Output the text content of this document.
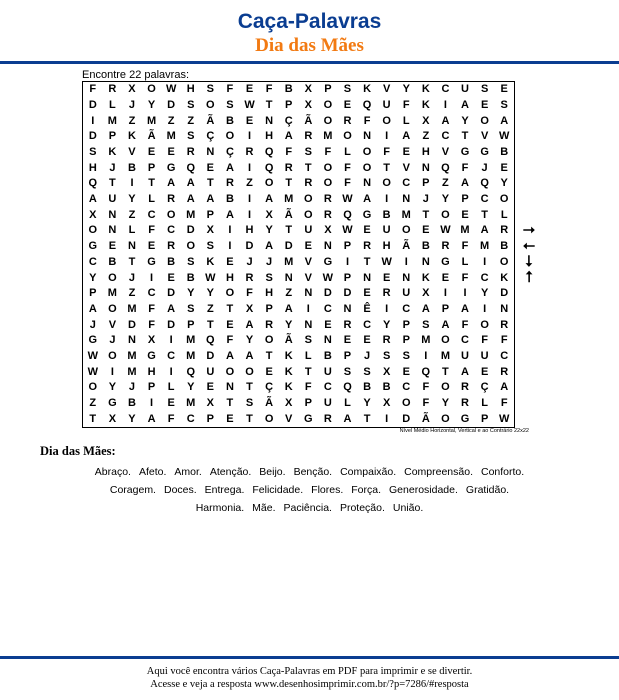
Caça-Palavras
Dia das Mães
Encontre 22 palavras:
F	R	X	O W H	S	F	E	F	B	X	P	S	K	V	Y	K	C	U	S	E
D	L	J	Y	D	S	O	S W	T	P	X	O	E	Q	U	F	K	I	A	E	S
I	M	Z	M	Z	Z	Ã	B	E	N	Ç	Ã	O	R	F	O	L	X	A	Y	O	A
D	P	K	Ã	M	S	Ç	O	I	H	A	R	M O	N	I	A	Z	C	T	V W
S	K	V	E	E	R	N	Ç	R	Q	F	S	F	L	O	F	E	H	V	G	G	B
H	J	B	P	G	Q	E	A	I	Q	R	T	O	F	O	T	V	N	Q	F	J	E
Q	T	I	T	A	A	T	R	Z	O	T	R	O	F	N	O	C	P	Z	A	Q	Y
A	U	Y	L	R	A	A	B	I	A	M O	R W A	I	N	J	Y	P	C	O
X	N	Z	C	O M	P	A	I	X	Ã	O	R	Q	G	B	M	T	O	E	T	L
O	N	L	F	C	D	X	I	H	Y	T	U	X W E	U	O	E W M	A	R
G	E	N	E	R	O	S	I	D	A	D	E	N	P	R	H	Ã	B	R	F	M	B
C	B	T	G	B	S	K	E	J	J	M	V	G	I	T	W	I	N	G	L	I	O
Y	O	J	I	E	B W H	R	S	N	V W P	N	E	N	K	E	F	C	K
P	M	Z	C	D	Y	Y	O	F	H	Z	N	D	D	E	R	U	X	I	I	Y	D
A	O M	F	A	S	Z	T	X	P	A	I	C	N	Ê	I	C	A	P	A	I	N
J	V	D	F	D	P	T	E	A	R	Y	N	E	R	C	Y	P	S	A	F	O	R
G	J	N	X	I	M Q	F	Y	O	Ã	S	N	E	E	R	P	M O	C	F	F
W O M G	C	M	D	A	A	T	K	L	B	P	J	S	S	I	M	U	U	C
W	I	M	H	I	Q	U	O	O	E	K	T	U	S	S	X	E	Q	T	A	E	R
O	Y	J	P	L	Y	E	N	T	Ç	K	F	C	Q	B	B	C	F	O	R	Ç	A
Z	G	B	I	E	M	X	T	S	Ã	X	P	U	L	Y	X	O	F	Y	R	L	F
T	X	Y	A	F	C	P	E	T	O	V	G	R	A	T	I	D	Ã	O	G	P W
Nível Médio Horizontal, Vertical e ao Contrário 22x22
⭢
⭠
⭣
⭡
Dia das Mães:
Abraço. Afeto. Amor. Atenção. Beijo. Benção. Compaixão. Compreensão. Conforto.
Coragem. Doces. Entrega. Felicidade. Flores. Força. Generosidade. Gratidão.
Harmonia. Mãe. Paciência. Proteção. União.
Aqui você encontra vários Caça-Palavras em PDF para imprimir e se divertir.
Acesse e veja a resposta www.desenhosimprimir.com.br/?p=7286/#resposta
